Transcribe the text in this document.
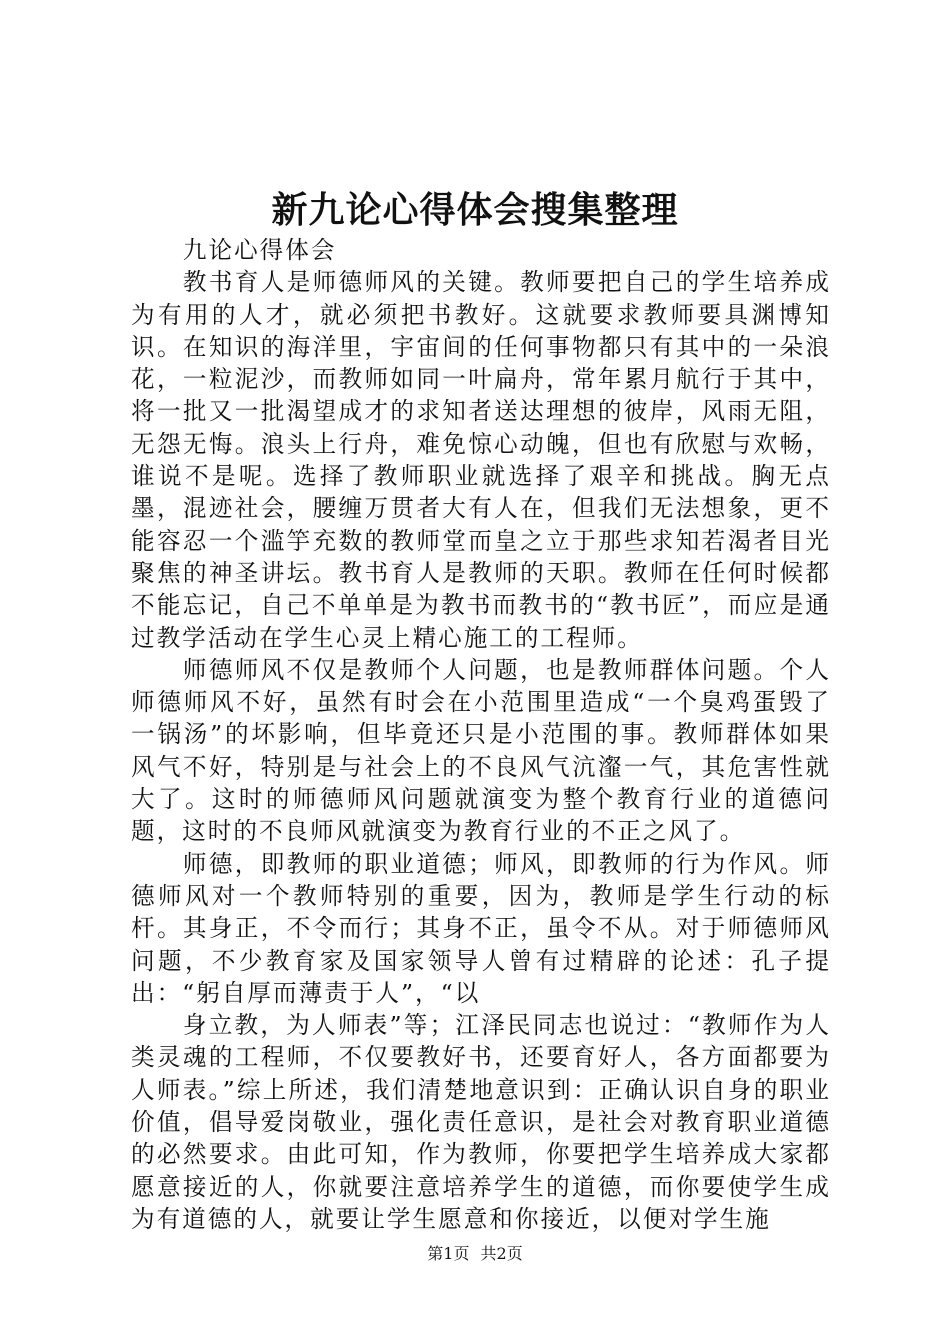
新九论心得体会搜集整理

九论心得体会

教书育人是师德师风的关键。教师要把自己的学生培养成为有用的人才，就必须把书教好。这就要求教师要具渊博知识。在知识的海洋里，宇宙间的任何事物都只有其中的一朵浪花，一粒泥沙，而教师如同一叶扁舟，常年累月航行于其中，将一批又一批渴望成才的求知者送达理想的彼岸，风雨无阻，无怨无悔。浪头上行舟，难免惊心动魄，但也有欣慰与欢畅，谁说不是呢。选择了教师职业就选择了艰辛和挑战。胸无点墨，混迹社会，腰缠万贯者大有人在，但我们无法想象，更不能容忍一个滥竽充数的教师堂而皇之立于那些求知若渴者目光聚焦的神圣讲坛。教书育人是教师的天职。教师在任何时候都不能忘记，自己不单单是为教书而教书的“教书匠”，而应是通过教学活动在学生心灵上精心施工的工程师。

师德师风不仅是教师个人问题，也是教师群体问题。个人师德师风不好，虽然有时会在小范围里造成“一个臭鸡蛋毁了一锅汤”的坏影响，但毕竟还只是小范围的事。教师群体如果风气不好，特别是与社会上的不良风气沆瀣一气，其危害性就大了。这时的师德师风问题就演变为整个教育行业的道德问题，这时的不良师风就演变为教育行业的不正之风了。

师德，即教师的职业道德；师风，即教师的行为作风。师德师风对一个教师特别的重要，因为，教师是学生行动的标杆。其身正，不令而行；其身不正，虽令不从。对于师德师风问题，不少教育家及国家领导人曾有过精辟的论述：孔子提出：“躬自厚而薄责于人”，“以

身立教，为人师表”等；江泽民同志也说过：“教师作为人类灵魂的工程师，不仅要教好书，还要育好人，各方面都要为人师表。”综上所述，我们清楚地意识到：正确认识自身的职业价值，倡导爱岗敬业，强化责任意识，是社会对教育职业道德的必然要求。由此可知，作为教师，你要把学生培养成大家都愿意接近的人，你就要注意培养学生的道德，而你要使学生成为有道德的人，就要让学生愿意和你接近，以便对学生施

第1页 共2页
